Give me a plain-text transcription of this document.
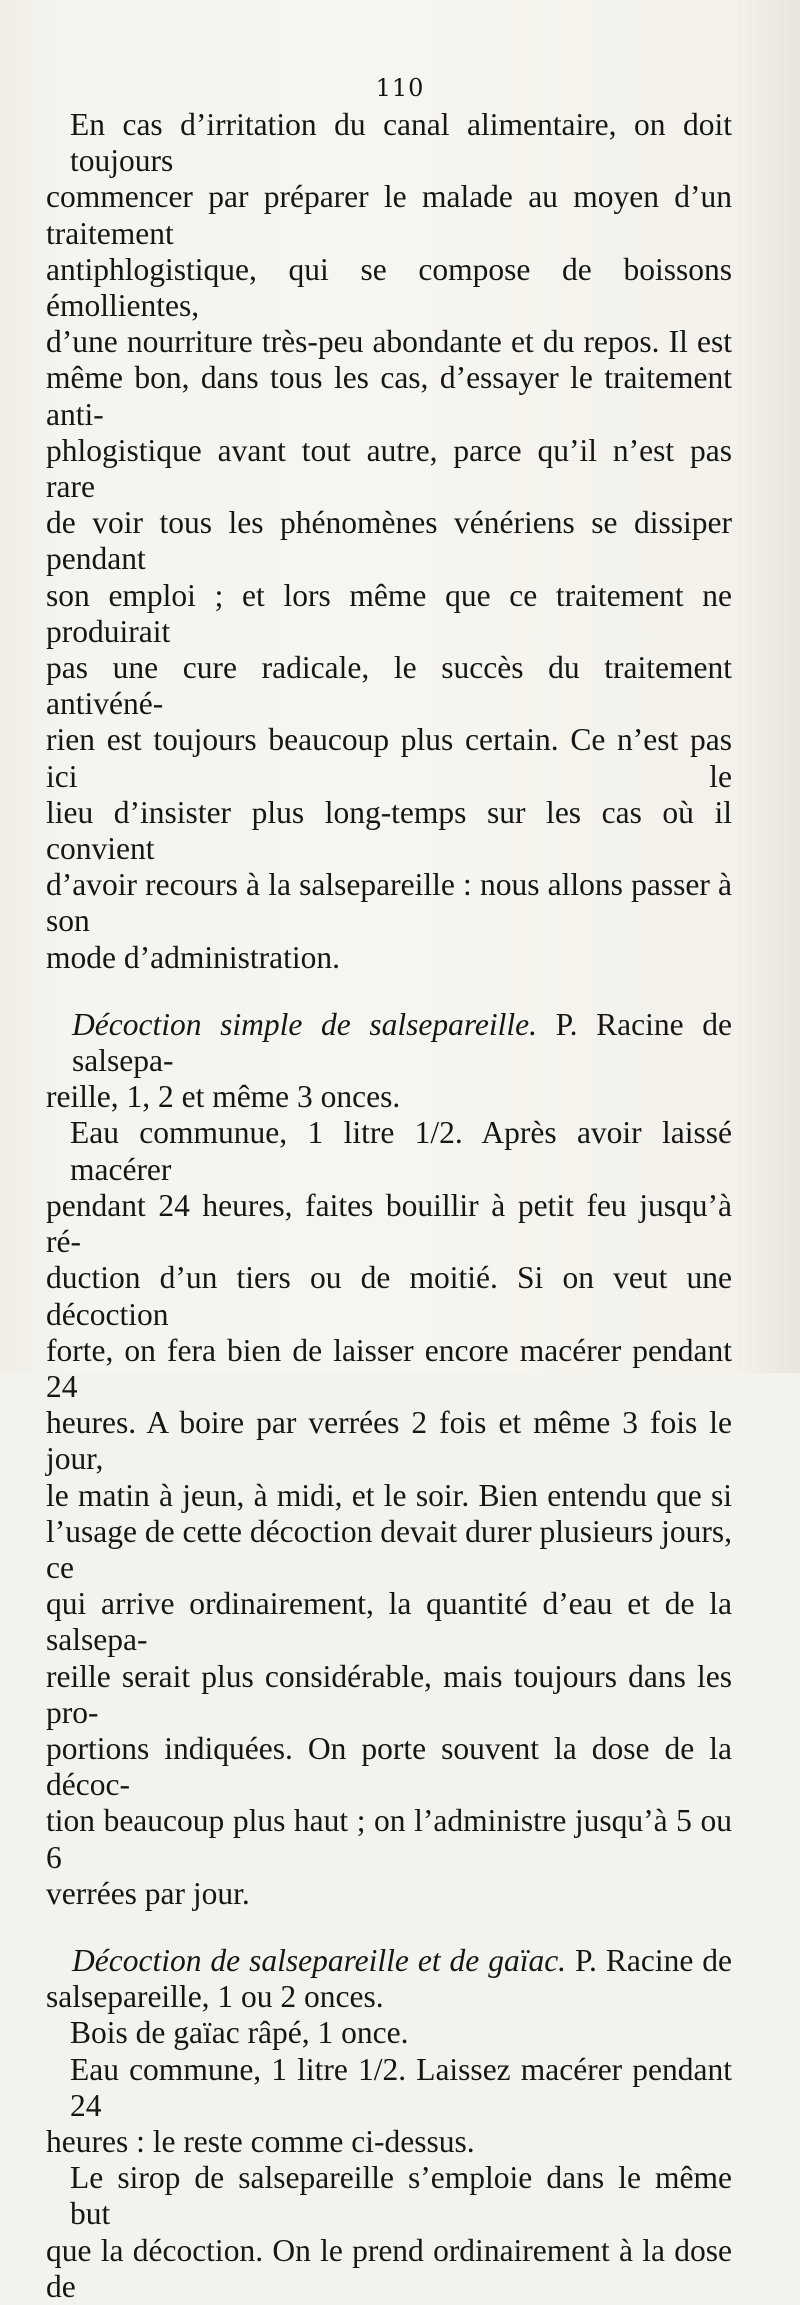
110
En cas d’irritation du canal alimentaire, on doit toujours
commencer par préparer le malade au moyen d’un traitement
antiphlogistique, qui se compose de boissons émollientes,
d’une nourriture très-peu abondante et du repos. Il est
même bon, dans tous les cas, d’essayer le traitement anti-
phlogistique avant tout autre, parce qu’il n’est pas rare
de voir tous les phénomènes vénériens se dissiper pendant
son emploi ; et lors même que ce traitement ne produirait
pas une cure radicale, le succès du traitement antivéné-
rien est toujours beaucoup plus certain. Ce n’est pas ici le
lieu d’insister plus long-temps sur les cas où il convient
d’avoir recours à la salsepareille : nous allons passer à son
mode d’administration.
Décoction simple de salsepareille. P. Racine de salsepa-
reille, 1, 2 et même 3 onces.
Eau communue, 1 litre 1/2. Après avoir laissé macérer
pendant 24 heures, faites bouillir à petit feu jusqu’à ré-
duction d’un tiers ou de moitié. Si on veut une décoction
forte, on fera bien de laisser encore macérer pendant 24
heures. A boire par verrées 2 fois et même 3 fois le jour,
le matin à jeun, à midi, et le soir. Bien entendu que si
l’usage de cette décoction devait durer plusieurs jours, ce
qui arrive ordinairement, la quantité d’eau et de la salsepa-
reille serait plus considérable, mais toujours dans les pro-
portions indiquées. On porte souvent la dose de la décoc-
tion beaucoup plus haut ; on l’administre jusqu’à 5 ou 6
verrées par jour.
Décoction de salsepareille et de gaïac. P. Racine de
salsepareille, 1 ou 2 onces.
Bois de gaïac râpé, 1 once.
Eau commune, 1 litre 1/2. Laissez macérer pendant 24
heures : le reste comme ci-dessus.
Le sirop de salsepareille s’emploie dans le même but
que la décoction. On le prend ordinairement à la dose de
